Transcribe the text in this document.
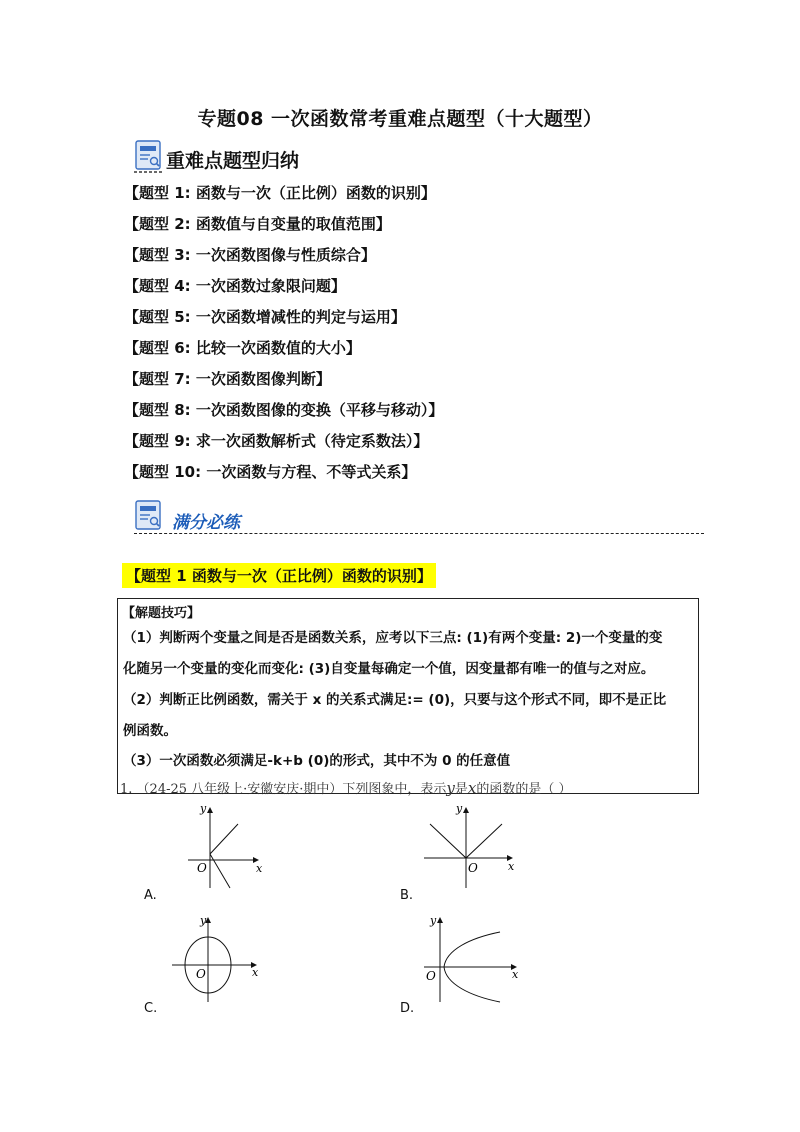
专题08 一次函数常考重难点题型（十大题型）
重难点题型归纳
【题型 1: 函数与一次（正比例）函数的识别】
【题型 2: 函数值与自变量的取值范围】
【题型 3: 一次函数图像与性质综合】
【题型 4: 一次函数过象限问题】
【题型 5: 一次函数增减性的判定与运用】
【题型 6: 比较一次函数值的大小】
【题型 7: 一次函数图像判断】
【题型 8: 一次函数图像的变换（平移与移动）】
【题型 9: 求一次函数解析式（待定系数法）】
【题型 10: 一次函数与方程、不等式关系】
满分必练
【题型 1 函数与一次（正比例）函数的识别】
【解题技巧】
（1）判断两个变量之间是否是函数关系，应考以下三点: (1)有两个变量: 2)一个变量的变
化随另一个变量的变化而变化: (3)自变量每确定一个值，因变量都有唯一的值与之对应。
（2）判断正比例函数，需关于 x 的关系式满足:= (0)，只要与这个形式不同，即不是正比
例函数。
（3）一次函数必须满足-k+b (0)的形式，其中不为 0 的任意值
1. （24-25 八年级上·安徽安庆·期中）下列图象中，表示y是x的函数的是（ ）
y
x
O
A.
y
x
O
B.
y
x
O
C.
y
x
O
D.
